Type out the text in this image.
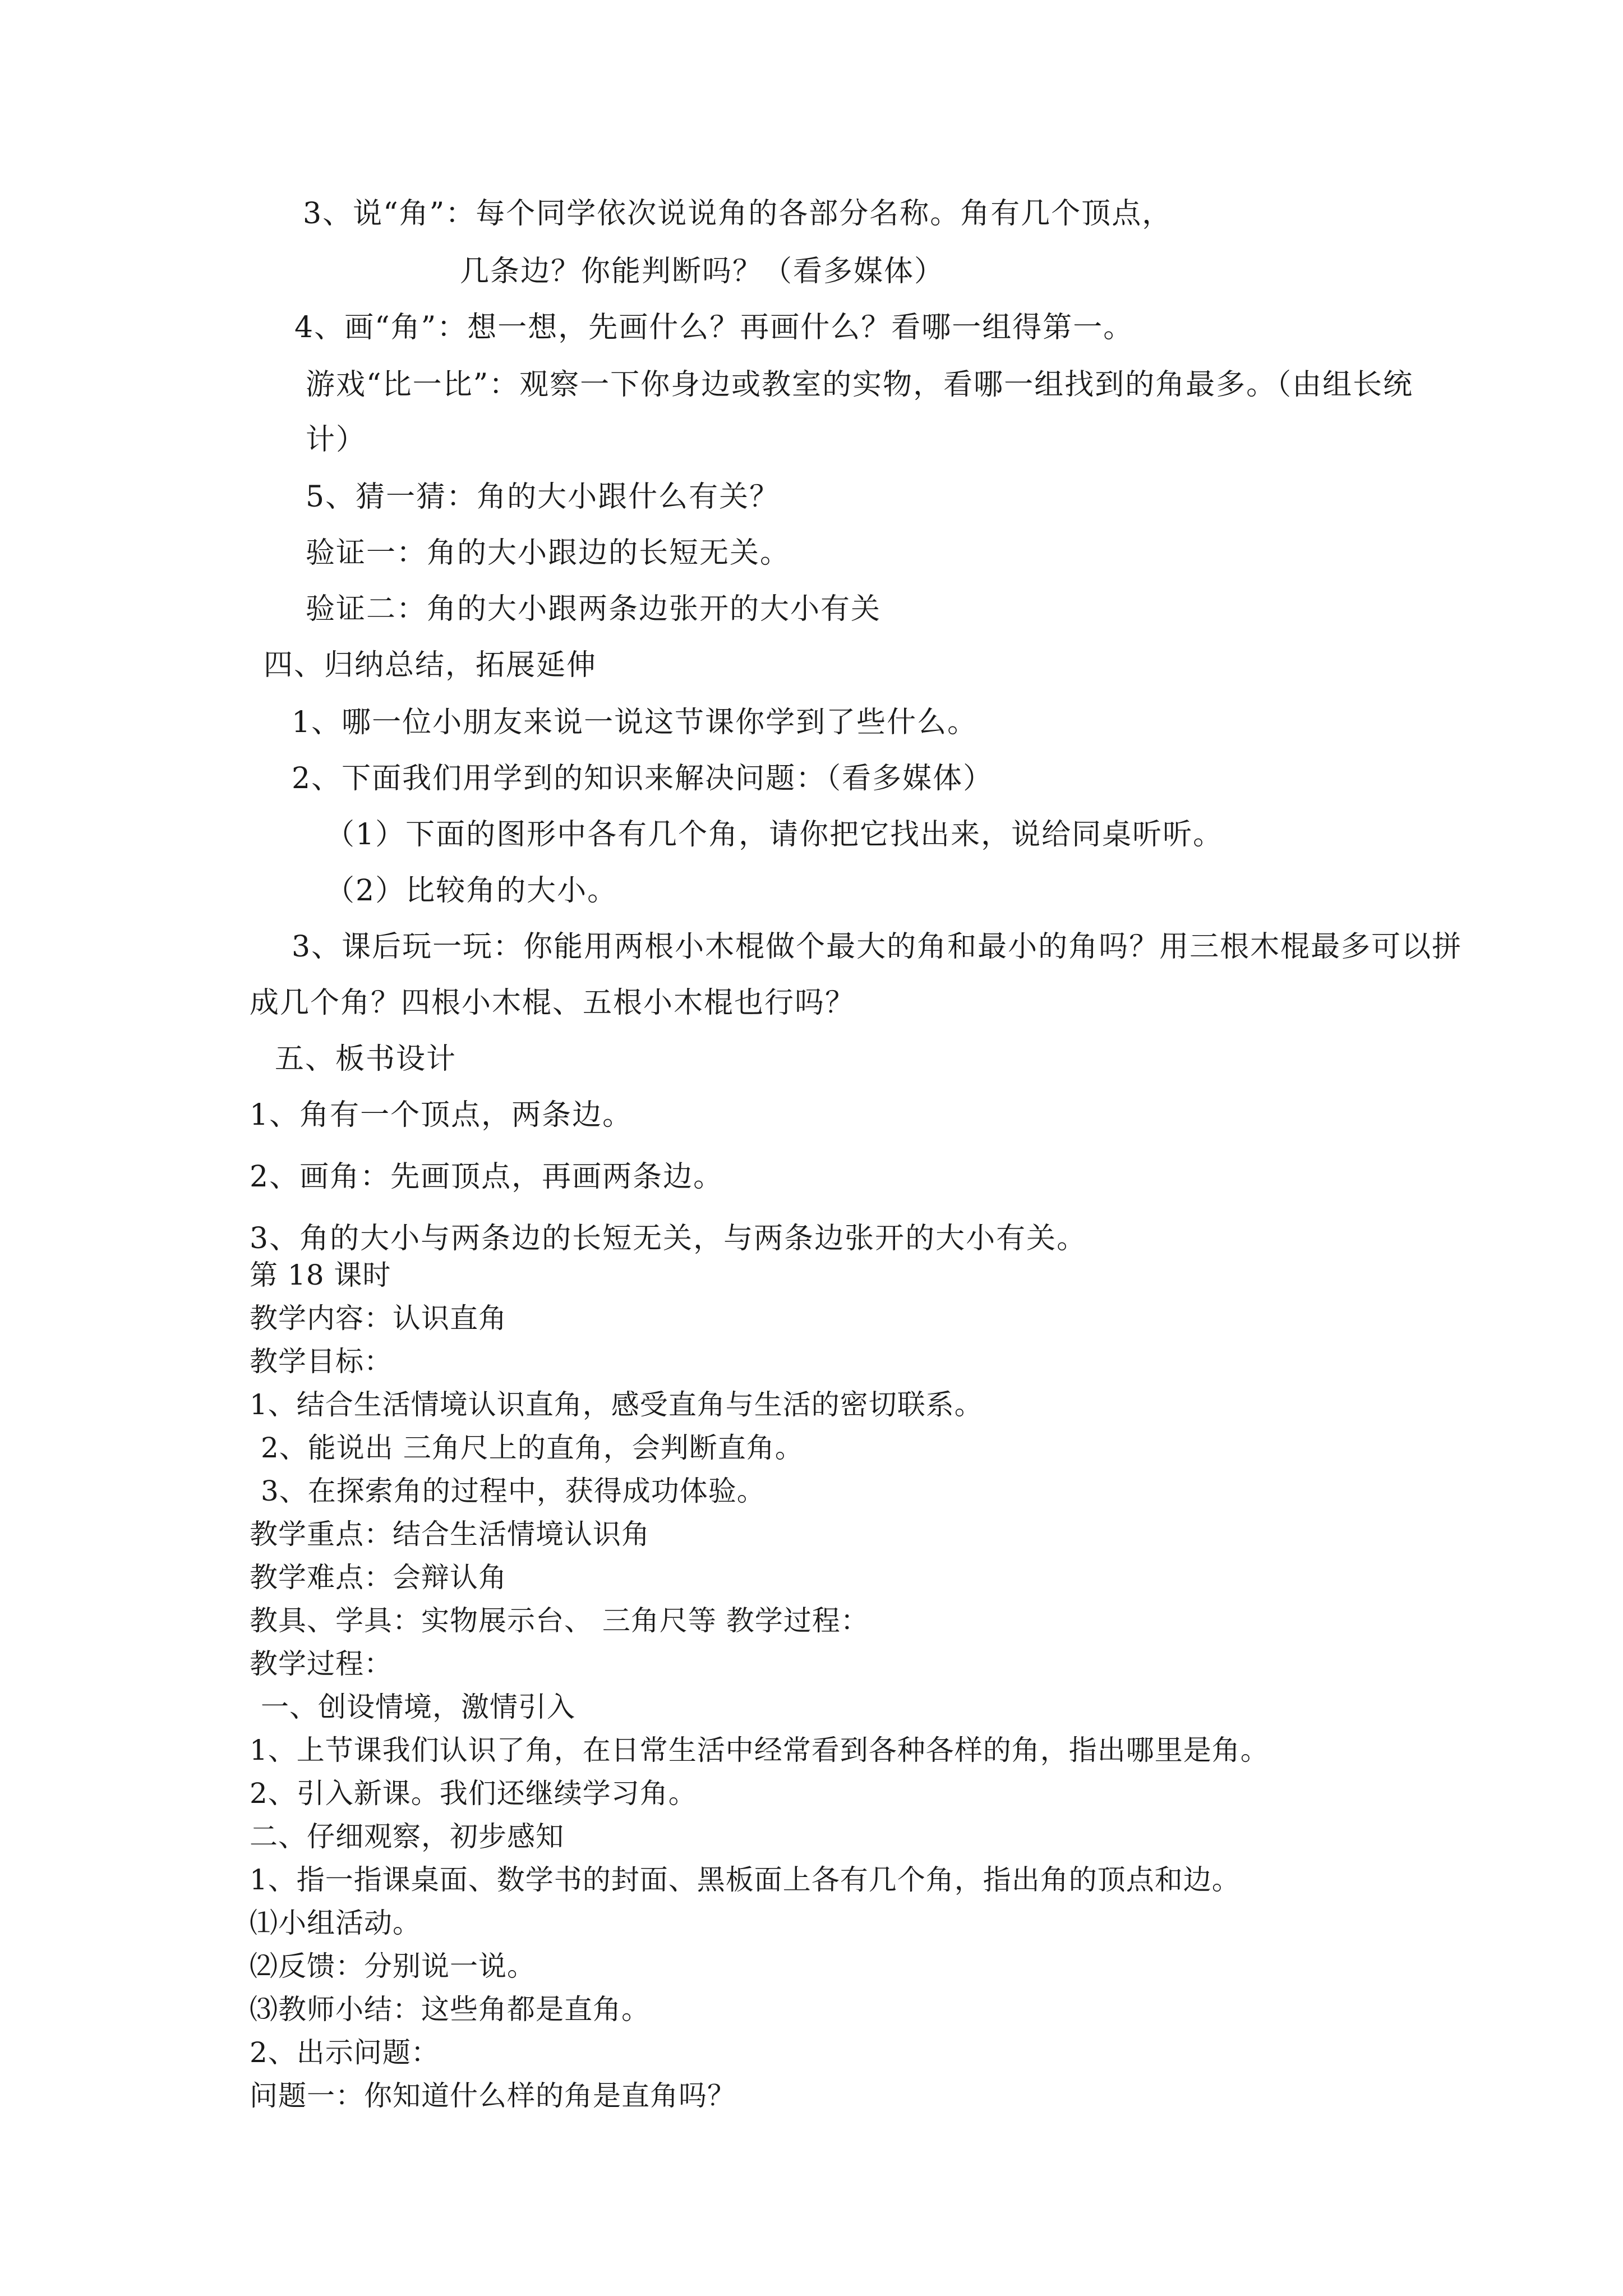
3、说“角”：每个同学依次说说角的各部分名称。角有几个顶点，
几条边？你能判断吗？（看多媒体）
4、画“角”：想一想，先画什么？再画什么？看哪一组得第一。
游戏“比一比”：观察一下你身边或教室的实物，看哪一组找到的角最多。（由组长统
计）
5、猜一猜：角的大小跟什么有关？
验证一：角的大小跟边的长短无关。
验证二：角的大小跟两条边张开的大小有关
四、归纳总结，拓展延伸
1、哪一位小朋友来说一说这节课你学到了些什么。
2、下面我们用学到的知识来解决问题：（看多媒体）
（1）下面的图形中各有几个角，请你把它找出来，说给同桌听听。
（2）比较角的大小。
3、课后玩一玩：你能用两根小木棍做个最大的角和最小的角吗？用三根木棍最多可以拼
成几个角？四根小木棍、五根小木棍也行吗？
五、板书设计
1、角有一个顶点，两条边。
2、画角：先画顶点，再画两条边。
3、角的大小与两条边的长短无关，与两条边张开的大小有关。
第 18 课时
教学内容：认识直角
教学目标：
1、结合生活情境认识直角，感受直角与生活的密切联系。
2、能说出 三角尺上的直角，会判断直角。
3、在探索角的过程中，获得成功体验。
教学重点：结合生活情境认识角
教学难点：会辩认角
教具、学具：实物展示台、 三角尺等 教学过程：
教学过程：
一、创设情境，激情引入
1、上节课我们认识了角，在日常生活中经常看到各种各样的角，指出哪里是角。
2、引入新课。我们还继续学习角。
二、仔细观察，初步感知
1、指一指课桌面、数学书的封面、黑板面上各有几个角，指出角的顶点和边。
⑴小组活动。
⑵反馈：分别说一说。
⑶教师小结：这些角都是直角。
2、出示问题：
问题一：你知道什么样的角是直角吗？
